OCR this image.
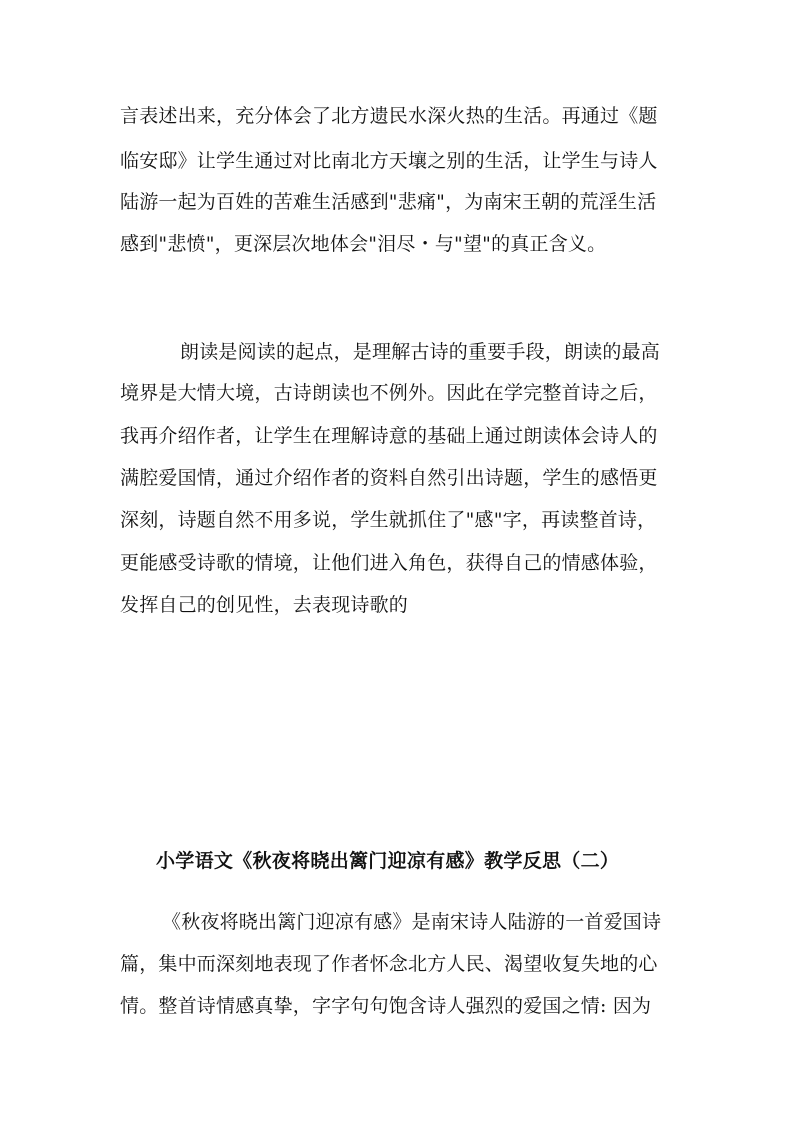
言表述出来，充分体会了北方遗民水深火热的生活。再通过《题
临安邸》让学生通过对比南北方天壤之别的生活，让学生与诗人
陆游一起为百姓的苦难生活感到"悲痛"，为南宋王朝的荒淫生活
感到"悲愤"，更深层次地体会"泪尽・与"望"的真正含义。
朗读是阅读的起点，是理解古诗的重要手段，朗读的最高
境界是大情大境，古诗朗读也不例外。因此在学完整首诗之后，
我再介绍作者，让学生在理解诗意的基础上通过朗读体会诗人的
满腔爱国情，通过介绍作者的资料自然引出诗题，学生的感悟更
深刻，诗题自然不用多说，学生就抓住了"感"字，再读整首诗，
更能感受诗歌的情境，让他们进入角色，获得自己的情感体验，
发挥自己的创见性，去表现诗歌的
小学语文《秋夜将晓出篱门迎凉有感》教学反思（二）
《秋夜将晓出篱门迎凉有感》是南宋诗人陆游的一首爱国诗
篇，集中而深刻地表现了作者怀念北方人民、渴望收复失地的心
情。整首诗情感真挚，字字句句饱含诗人强烈的爱国之情: 因为
